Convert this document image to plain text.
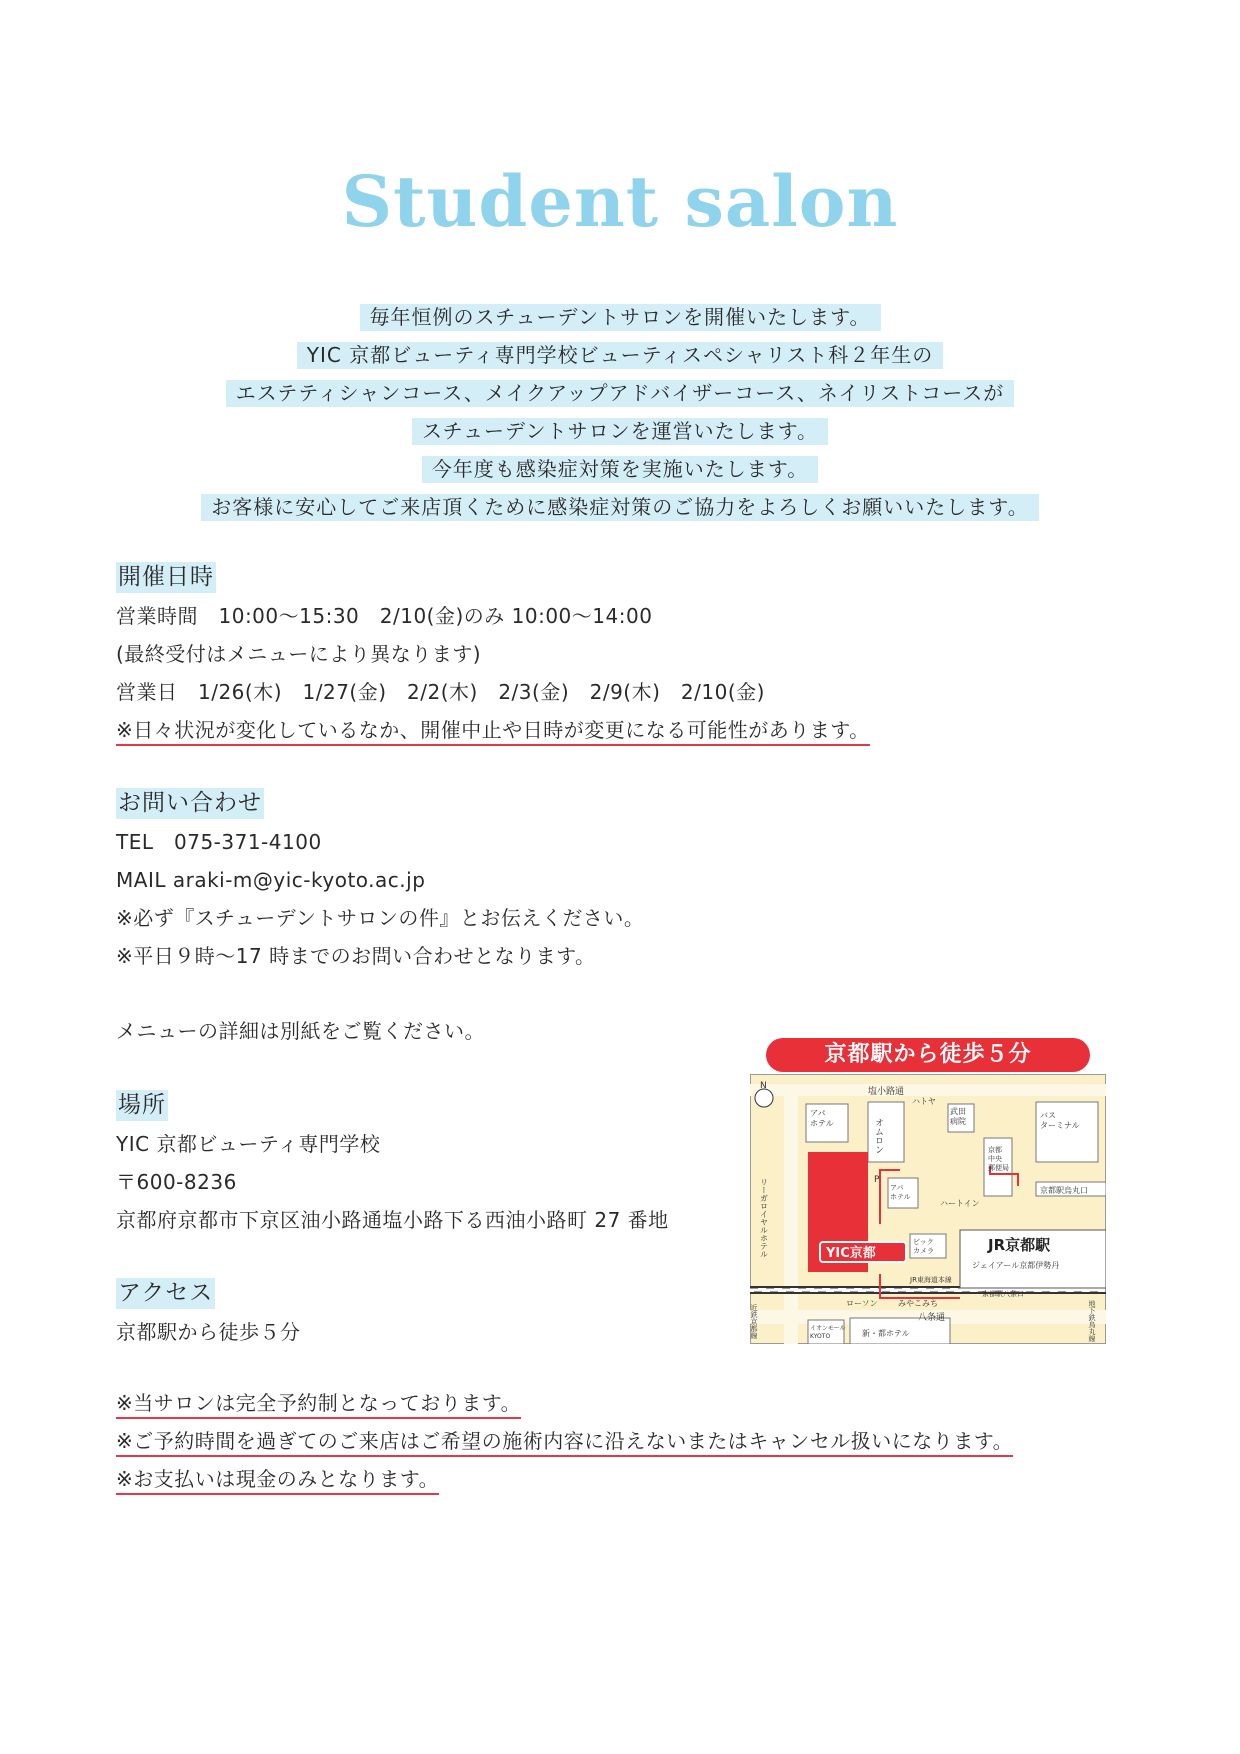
Student salon
毎年恒例のスチューデントサロンを開催いたします。
YIC 京都ビューティ専門学校ビューティスペシャリスト科２年生の
エステティシャンコース、メイクアップアドバイザーコース、ネイリストコースが
スチューデントサロンを運営いたします。
今年度も感染症対策を実施いたします。
お客様に安心してご来店頂くために感染症対策のご協力をよろしくお願いいたします。
開催日時
営業時間　10:00～15:30　2/10(金)のみ 10:00～14:00
(最終受付はメニューにより異なります)
営業日　1/26(木)　1/27(金)　2/2(木)　2/3(金)　2/9(木)　2/10(金)
※日々状況が変化しているなか、開催中止や日時が変更になる可能性があります。
お問い合わせ
TEL　075-371-4100
MAIL araki-m@yic-kyoto.ac.jp
※必ず『スチューデントサロンの件』とお伝えください。
※平日９時～17 時までのお問い合わせとなります。
メニューの詳細は別紙をご覧ください。
場所
YIC 京都ビューティ専門学校
〒600-8236
京都府京都市下京区油小路通塩小路下る西油小路町 27 番地
アクセス
京都駅から徒歩５分
※当サロンは完全予約制となっております。
※ご予約時間を過ぎてのご来店はご希望の施術内容に沿えないまたはキャンセル扱いになります。
※お支払いは現金のみとなります。
京都駅から徒歩５分
N
塩小路通
八条通
アパホテル	オムロン
ハトヤ
武田病院
バスターミナル
リーガロイヤルホテル	アパホテル
京都中央郵便局
ハートイン
京都駅烏丸口
YIC京都
ビックカメラ	JR京都駅
ジェイアール京都伊勢丹
JR東海道本線
ローソン	みやこみち
京都駅八条口
近鉄京都線	イオンモール KYOTO	新・都ホテル	地下鉄烏丸線
P
